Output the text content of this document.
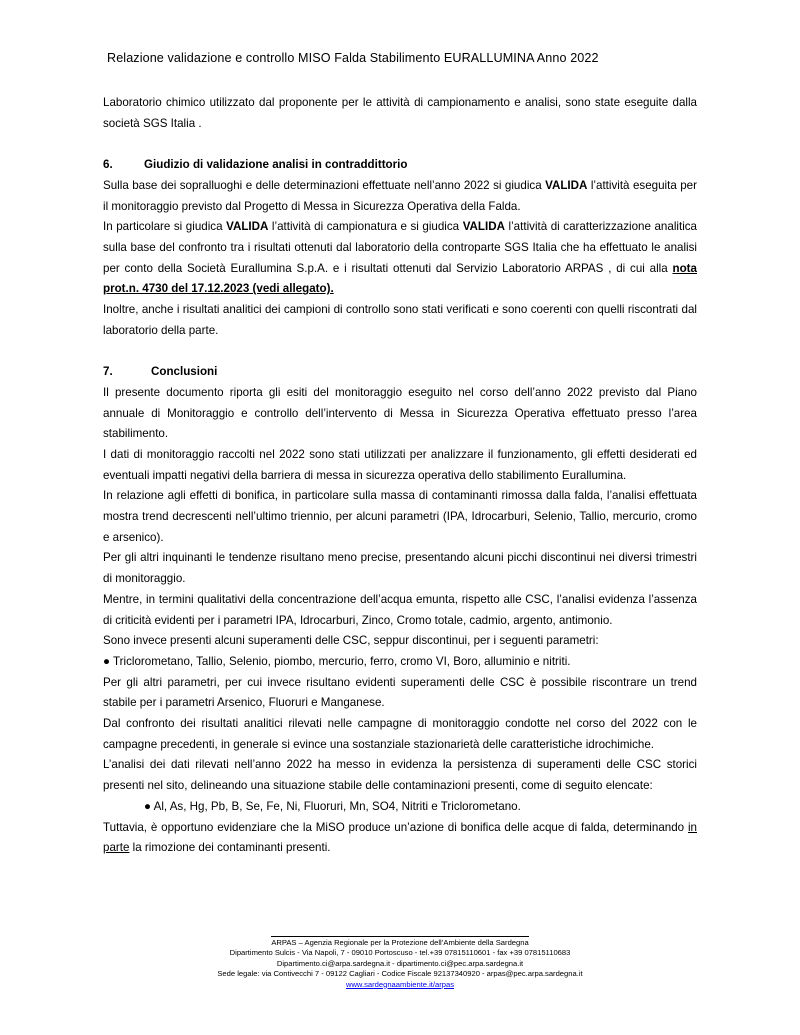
Relazione validazione e controllo MISO Falda Stabilimento EURALLUMINA Anno 2022

Laboratorio chimico utilizzato dal proponente per le attività di campionamento e analisi, sono state eseguite dalla società SGS Italia .

6.	Giudizio di validazione analisi in contraddittorio

Sulla base dei sopralluoghi e delle determinazioni effettuate nell’anno 2022 si giudica VALIDA l’attività eseguita per il monitoraggio previsto dal Progetto di Messa in Sicurezza Operativa della Falda.

In particolare si giudica VALIDA l’attività di campionatura e si giudica VALIDA l’attività di caratterizzazione analitica sulla base del confronto tra i risultati ottenuti dal laboratorio della controparte SGS Italia che ha effettuato le analisi per conto della Società Eurallumina S.p.A. e i risultati ottenuti dal Servizio Laboratorio ARPAS , di cui alla nota prot.n. 4730 del 17.12.2023 (vedi allegato).

Inoltre, anche i risultati analitici dei campioni di controllo sono stati verificati e sono coerenti con quelli riscontrati dal laboratorio della parte.

7.	Conclusioni

Il presente documento riporta gli esiti del monitoraggio eseguito nel corso dell’anno 2022 previsto dal Piano annuale di Monitoraggio e controllo dell’intervento di Messa in Sicurezza Operativa effettuato presso l’area stabilimento.

I dati di monitoraggio raccolti nel 2022 sono stati utilizzati per analizzare il funzionamento, gli effetti desiderati ed eventuali impatti negativi della barriera di messa in sicurezza operativa dello stabilimento Eurallumina.

In relazione agli effetti di bonifica, in particolare sulla massa di contaminanti rimossa dalla falda, l’analisi effettuata mostra trend decrescenti nell’ultimo triennio, per alcuni parametri (IPA, Idrocarburi, Selenio, Tallio, mercurio, cromo e arsenico).

Per gli altri inquinanti le tendenze risultano meno precise, presentando alcuni picchi discontinui nei diversi trimestri di monitoraggio.

Mentre, in termini qualitativi della concentrazione dell’acqua emunta, rispetto alle CSC, l’analisi evidenza l’assenza di criticità evidenti per i parametri IPA, Idrocarburi, Zinco, Cromo totale, cadmio, argento, antimonio.

Sono invece presenti alcuni superamenti delle CSC, seppur discontinui, per i seguenti parametri:

● Triclorometano, Tallio, Selenio, piombo, mercurio, ferro, cromo VI, Boro, alluminio e nitriti.

Per gli altri parametri, per cui invece risultano evidenti superamenti delle CSC è possibile riscontrare un trend stabile per i parametri Arsenico, Fluoruri e Manganese.

Dal confronto dei risultati analitici rilevati nelle campagne di monitoraggio condotte nel corso del 2022 con le campagne precedenti, in generale si evince una sostanziale stazionarietà delle caratteristiche idrochimiche.

L’analisi dei dati rilevati nell’anno 2022 ha messo in evidenza la persistenza di superamenti delle CSC storici presenti nel sito, delineando una situazione stabile delle contaminazioni presenti, come di seguito elencate:

● Al, As, Hg, Pb, B, Se, Fe, Ni, Fluoruri, Mn, SO4, Nitriti e Triclorometano.

Tuttavia, è opportuno evidenziare che la MiSO produce un’azione di bonifica delle acque di falda, determinando in parte la rimozione dei contaminanti presenti.

ARPAS – Agenzia Regionale per la Protezione dell’Ambiente della Sardegna
Dipartimento Sulcis - Via Napoli, 7 - 09010 Portoscuso - tel.+39 07815110601 - fax +39 07815110683
Dipartimento.ci@arpa.sardegna.it - dipartimento.ci@pec.arpa.sardegna.it
Sede legale: via Contivecchi 7 - 09122 Cagliari - Codice Fiscale 92137340920 - arpas@pec.arpa.sardegna.it
www.sardegnaambiente.it/arpas
